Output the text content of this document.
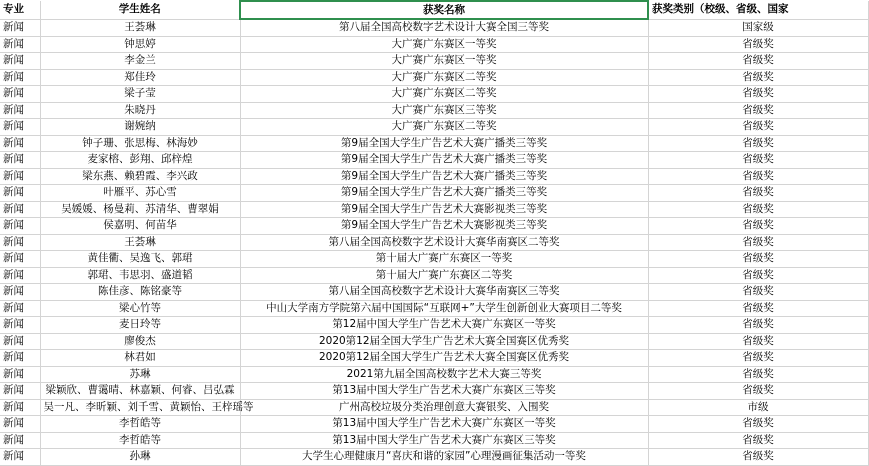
专业	学生姓名	获奖名称	获奖类别（校级、省级、国家
新闻	王荟琳	第八届全国高校数字艺术设计大赛全国三等奖	国家级
新闻	钟思婷	大广赛广东赛区一等奖	省级奖
新闻	李金兰	大广赛广东赛区一等奖	省级奖
新闻	郑佳玲	大广赛广东赛区二等奖	省级奖
新闻	梁子莹	大广赛广东赛区二等奖	省级奖
新闻	朱晓丹	大广赛广东赛区三等奖	省级奖
新闻	谢婉纳	大广赛广东赛区二等奖	省级奖
新闻	钟子珊、张思梅、林海妙	第9届全国大学生广告艺术大赛广播类三等奖	省级奖
新闻	麦家榕、彭翔、邱梓煌	第9届全国大学生广告艺术大赛广播类三等奖	省级奖
新闻	梁东燕、赖碧霞、李兴政	第9届全国大学生广告艺术大赛广播类三等奖	省级奖
新闻	叶雁平、苏心雪	第9届全国大学生广告艺术大赛广播类三等奖	省级奖
新闻	吴媛媛、杨曼莉、苏清华、曹翠娟	第9届全国大学生广告艺术大赛影视类三等奖	省级奖
新闻	侯嘉明、何苗华	第9届全国大学生广告艺术大赛影视类三等奖	省级奖
新闻	王荟琳	第八届全国高校数字艺术设计大赛华南赛区二等奖	省级奖
新闻	黄佳衢、吴逸飞、郭珺	第十届大广赛广东赛区一等奖	省级奖
新闻	郭珺、韦思羽、盛道韬	第十届大广赛广东赛区二等奖	省级奖
新闻	陈佳彦、陈铭豪等	第八届全国高校数字艺术设计大赛华南赛区三等奖	省级奖
新闻	梁心竹等	中山大学南方学院第六届中国国际“互联网+”大学生创新创业大赛项目二等奖	省级奖
新闻	麦日玲等	第12届中国大学生广告艺术大赛广东赛区一等奖	省级奖
新闻	廖俊杰	2020第12届全国大学生广告艺术大赛全国赛区优秀奖	省级奖
新闻	林君如	2020第12届全国大学生广告艺术大赛全国赛区优秀奖	省级奖
新闻	苏琳	2021第九届全国高校数字艺术大赛三等奖	省级奖
新闻	梁颖欣、曹霭晴、林嘉颖、何睿、吕弘霖	第13届中国大学生广告艺术大赛广东赛区三等奖	省级奖
新闻	吴一凡、李昕颖、刘千雪、黄颖怡、王梓瑶等	广州高校垃圾分类治理创意大赛银奖、入围奖	市级
新闻	李哲皓等	第13届中国大学生广告艺术大赛广东赛区一等奖	省级奖
新闻	李哲皓等	第13届中国大学生广告艺术大赛广东赛区三等奖	省级奖
新闻	孙琳	大学生心理健康月“喜庆和谐的家园”心理漫画征集活动一等奖	省级奖
